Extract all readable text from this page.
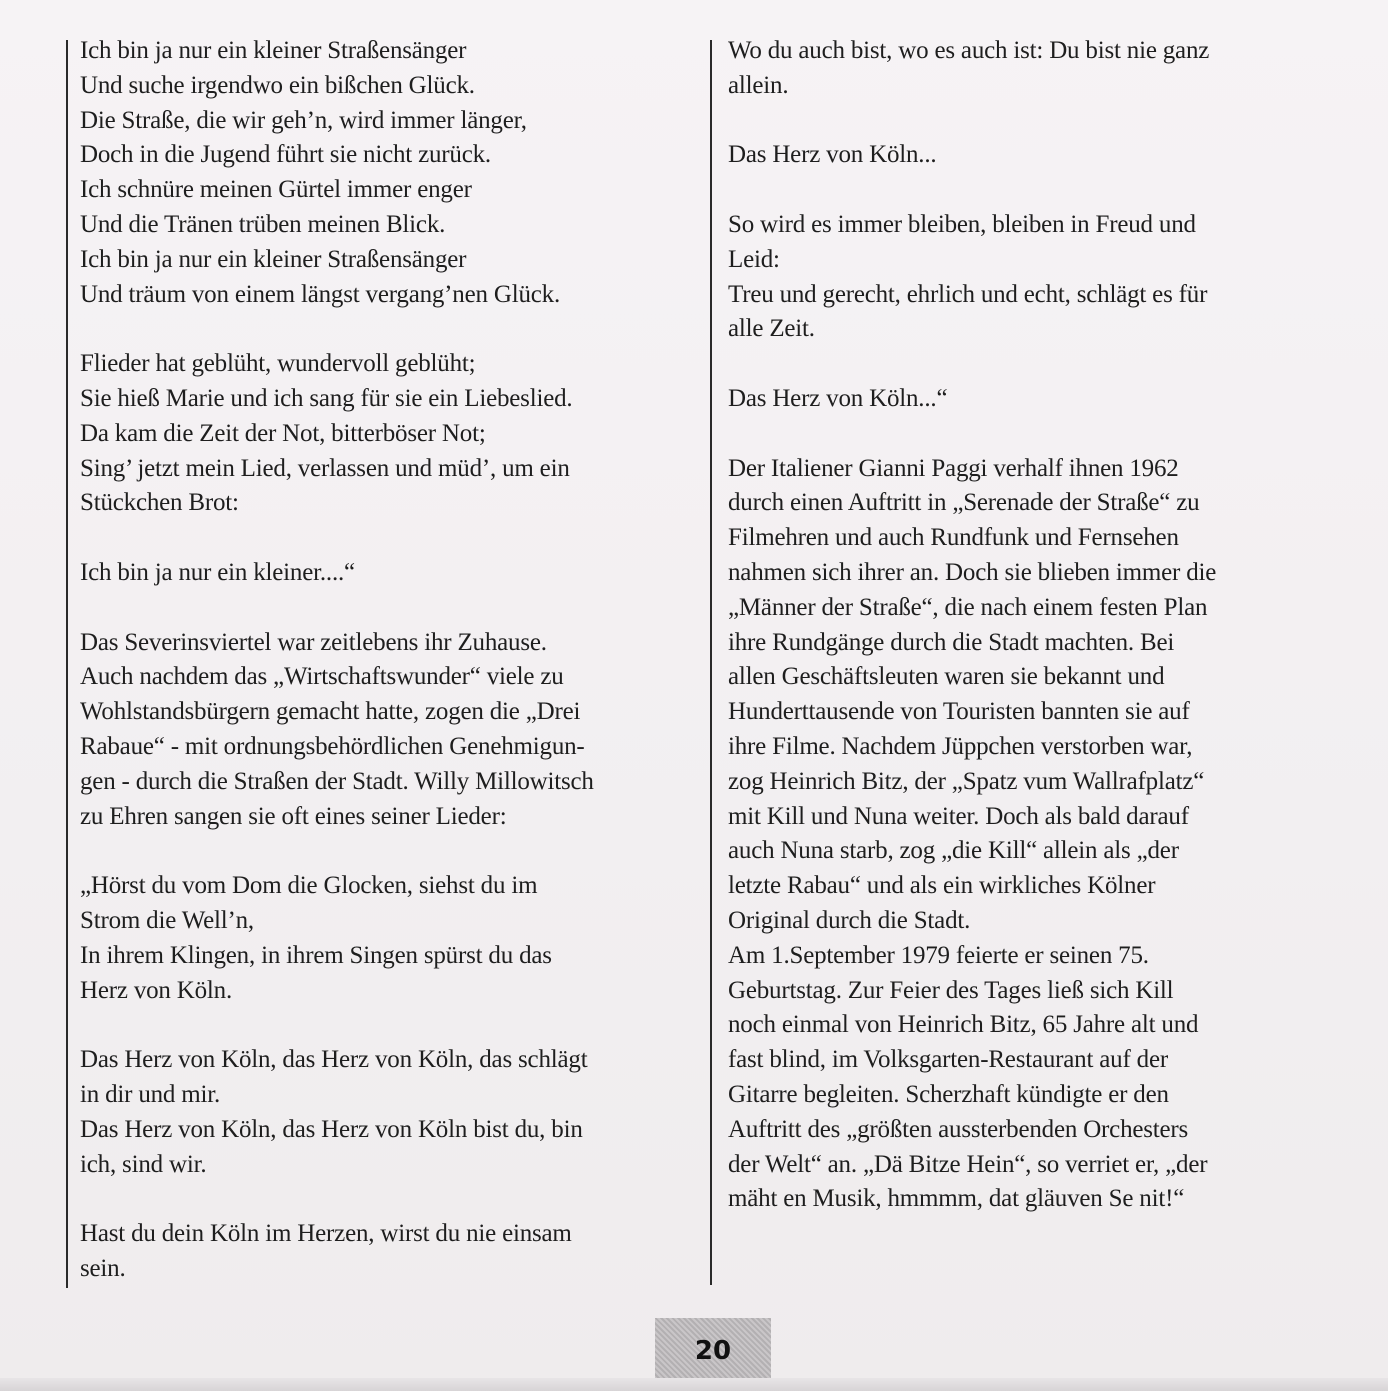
Ich bin ja nur ein kleiner Straßensänger
Und suche irgendwo ein bißchen Glück.
Die Straße, die wir geh’n, wird immer länger,
Doch in die Jugend führt sie nicht zurück.
Ich schnüre meinen Gürtel immer enger
Und die Tränen trüben meinen Blick.
Ich bin ja nur ein kleiner Straßensänger
Und träum von einem längst vergang’nen Glück.
Flieder hat geblüht, wundervoll geblüht;
Sie hieß Marie und ich sang für sie ein Liebeslied.
Da kam die Zeit der Not, bitterböser Not;
Sing’ jetzt mein Lied, verlassen und müd’, um ein
Stückchen Brot:
Ich bin ja nur ein kleiner....“
Das Severinsviertel war zeitlebens ihr Zuhause.
Auch nachdem das „Wirtschaftswunder“ viele zu
Wohlstandsbürgern gemacht hatte, zogen die „Drei
Rabaue“ - mit ordnungsbehördlichen Genehmigun-
gen - durch die Straßen der Stadt. Willy Millowitsch
zu Ehren sangen sie oft eines seiner Lieder:
„Hörst du vom Dom die Glocken, siehst du im
Strom die Well’n,
In ihrem Klingen, in ihrem Singen spürst du das
Herz von Köln.
Das Herz von Köln, das Herz von Köln, das schlägt
in dir und mir.
Das Herz von Köln, das Herz von Köln bist du, bin
ich, sind wir.
Hast du dein Köln im Herzen, wirst du nie einsam
sein.
Wo du auch bist, wo es auch ist: Du bist nie ganz
allein.
Das Herz von Köln...
So wird es immer bleiben, bleiben in Freud und
Leid:
Treu und gerecht, ehrlich und echt, schlägt es für
alle Zeit.
Das Herz von Köln...“
Der Italiener Gianni Paggi verhalf ihnen 1962
durch einen Auftritt in „Serenade der Straße“ zu
Filmehren und auch Rundfunk und Fernsehen
nahmen sich ihrer an. Doch sie blieben immer die
„Männer der Straße“, die nach einem festen Plan
ihre Rundgänge durch die Stadt machten. Bei
allen Geschäftsleuten waren sie bekannt und
Hunderttausende von Touristen bannten sie auf
ihre Filme. Nachdem Jüppchen verstorben war,
zog Heinrich Bitz, der „Spatz vum Wallrafplatz“
mit Kill und Nuna weiter. Doch als bald darauf
auch Nuna starb, zog „die Kill“ allein als „der
letzte Rabau“ und als ein wirkliches Kölner
Original durch die Stadt.
Am 1.September 1979 feierte er seinen 75.
Geburtstag. Zur Feier des Tages ließ sich Kill
noch einmal von Heinrich Bitz, 65 Jahre alt und
fast blind, im Volksgarten-Restaurant auf der
Gitarre begleiten. Scherzhaft kündigte er den
Auftritt des „größten aussterbenden Orchesters
der Welt“ an. „Dä Bitze Hein“, so verriet er, „der
mäht en Musik, hmmmm, dat gläuven Se nit!“
20
